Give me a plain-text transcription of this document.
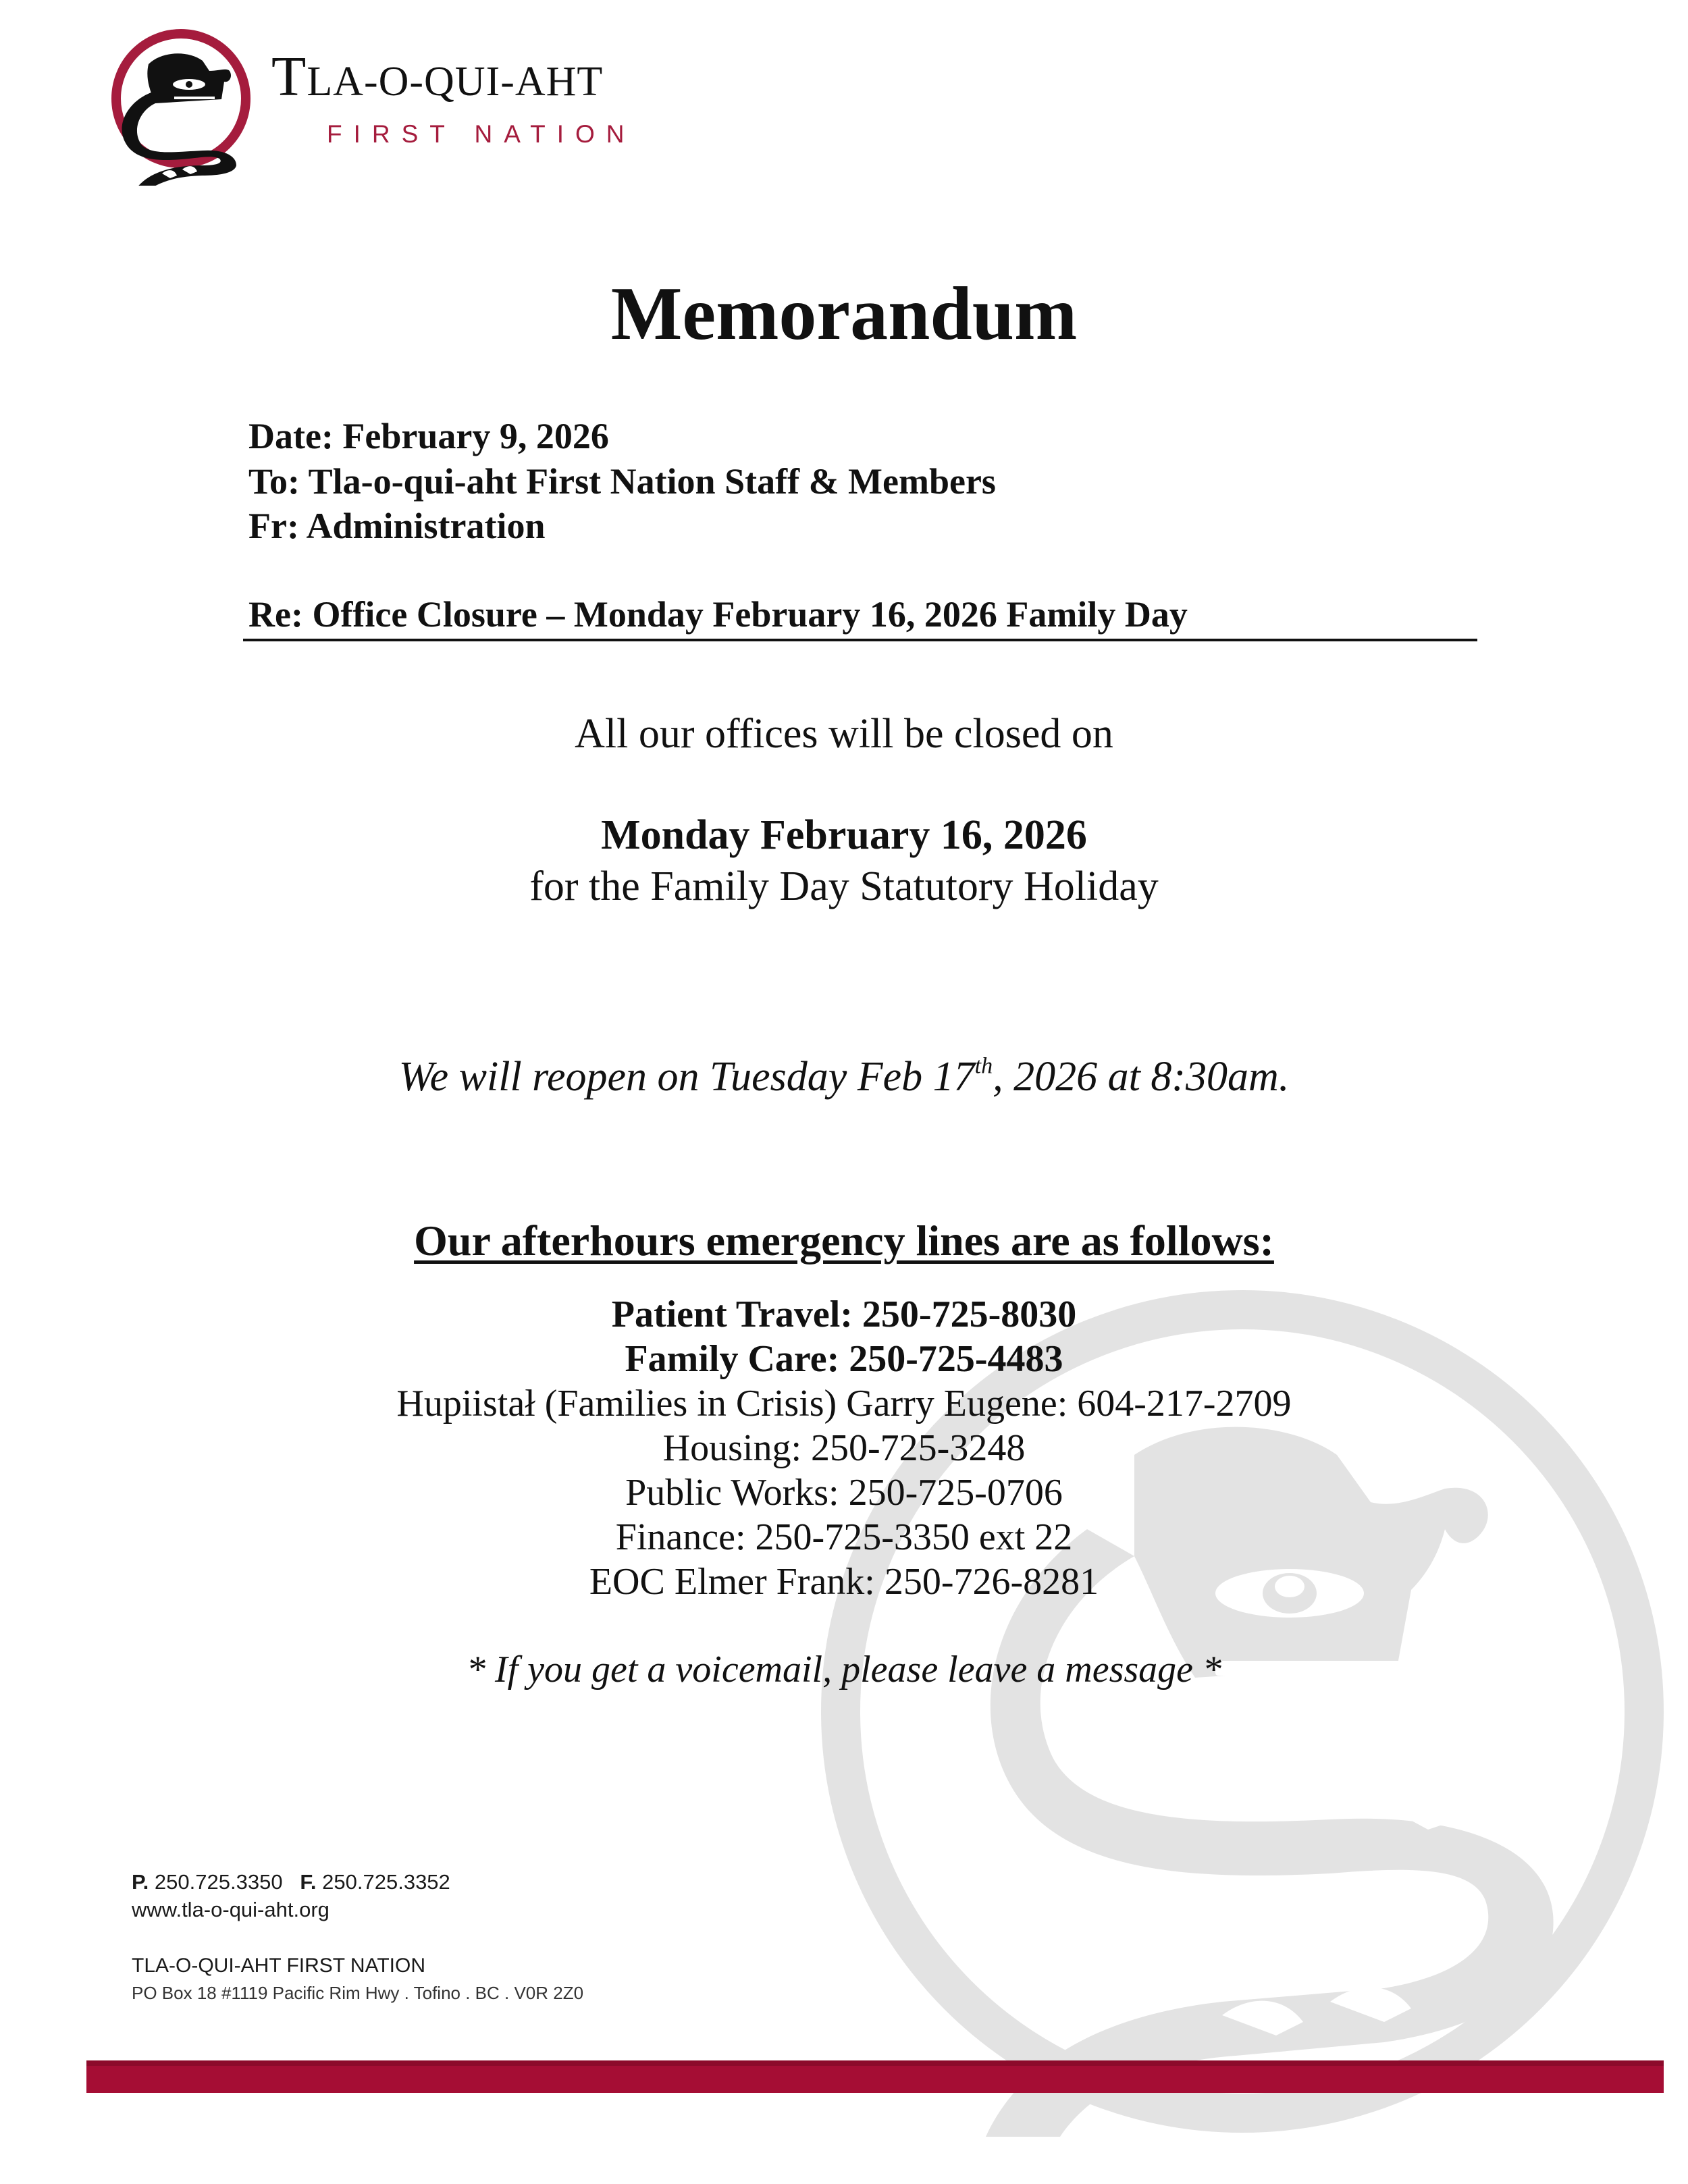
TLA-O-QUI-AHT
FIRST NATION
Memorandum
Date: February 9, 2026
To: Tla-o-qui-aht First Nation Staff & Members
Fr: Administration
Re: Office Closure – Monday February 16, 2026 Family Day
All our offices will be closed on
Monday February 16, 2026
for the Family Day Statutory Holiday
We will reopen on Tuesday Feb 17th, 2026 at 8:30am.
Our afterhours emergency lines are as follows:
Patient Travel: 250-725-8030
Family Care: 250-725-4483
Hupiistał (Families in Crisis) Garry Eugene: 604-217-2709
Housing: 250-725-3248
Public Works: 250-725-0706
Finance: 250-725-3350 ext 22
EOC Elmer Frank: 250-726-8281
* If you get a voicemail, please leave a message *
P. 250.725.3350 F. 250.725.3352
www.tla-o-qui-aht.org
TLA-O-QUI-AHT FIRST NATION
PO Box 18 #1119 Pacific Rim Hwy . Tofino . BC . V0R 2Z0
